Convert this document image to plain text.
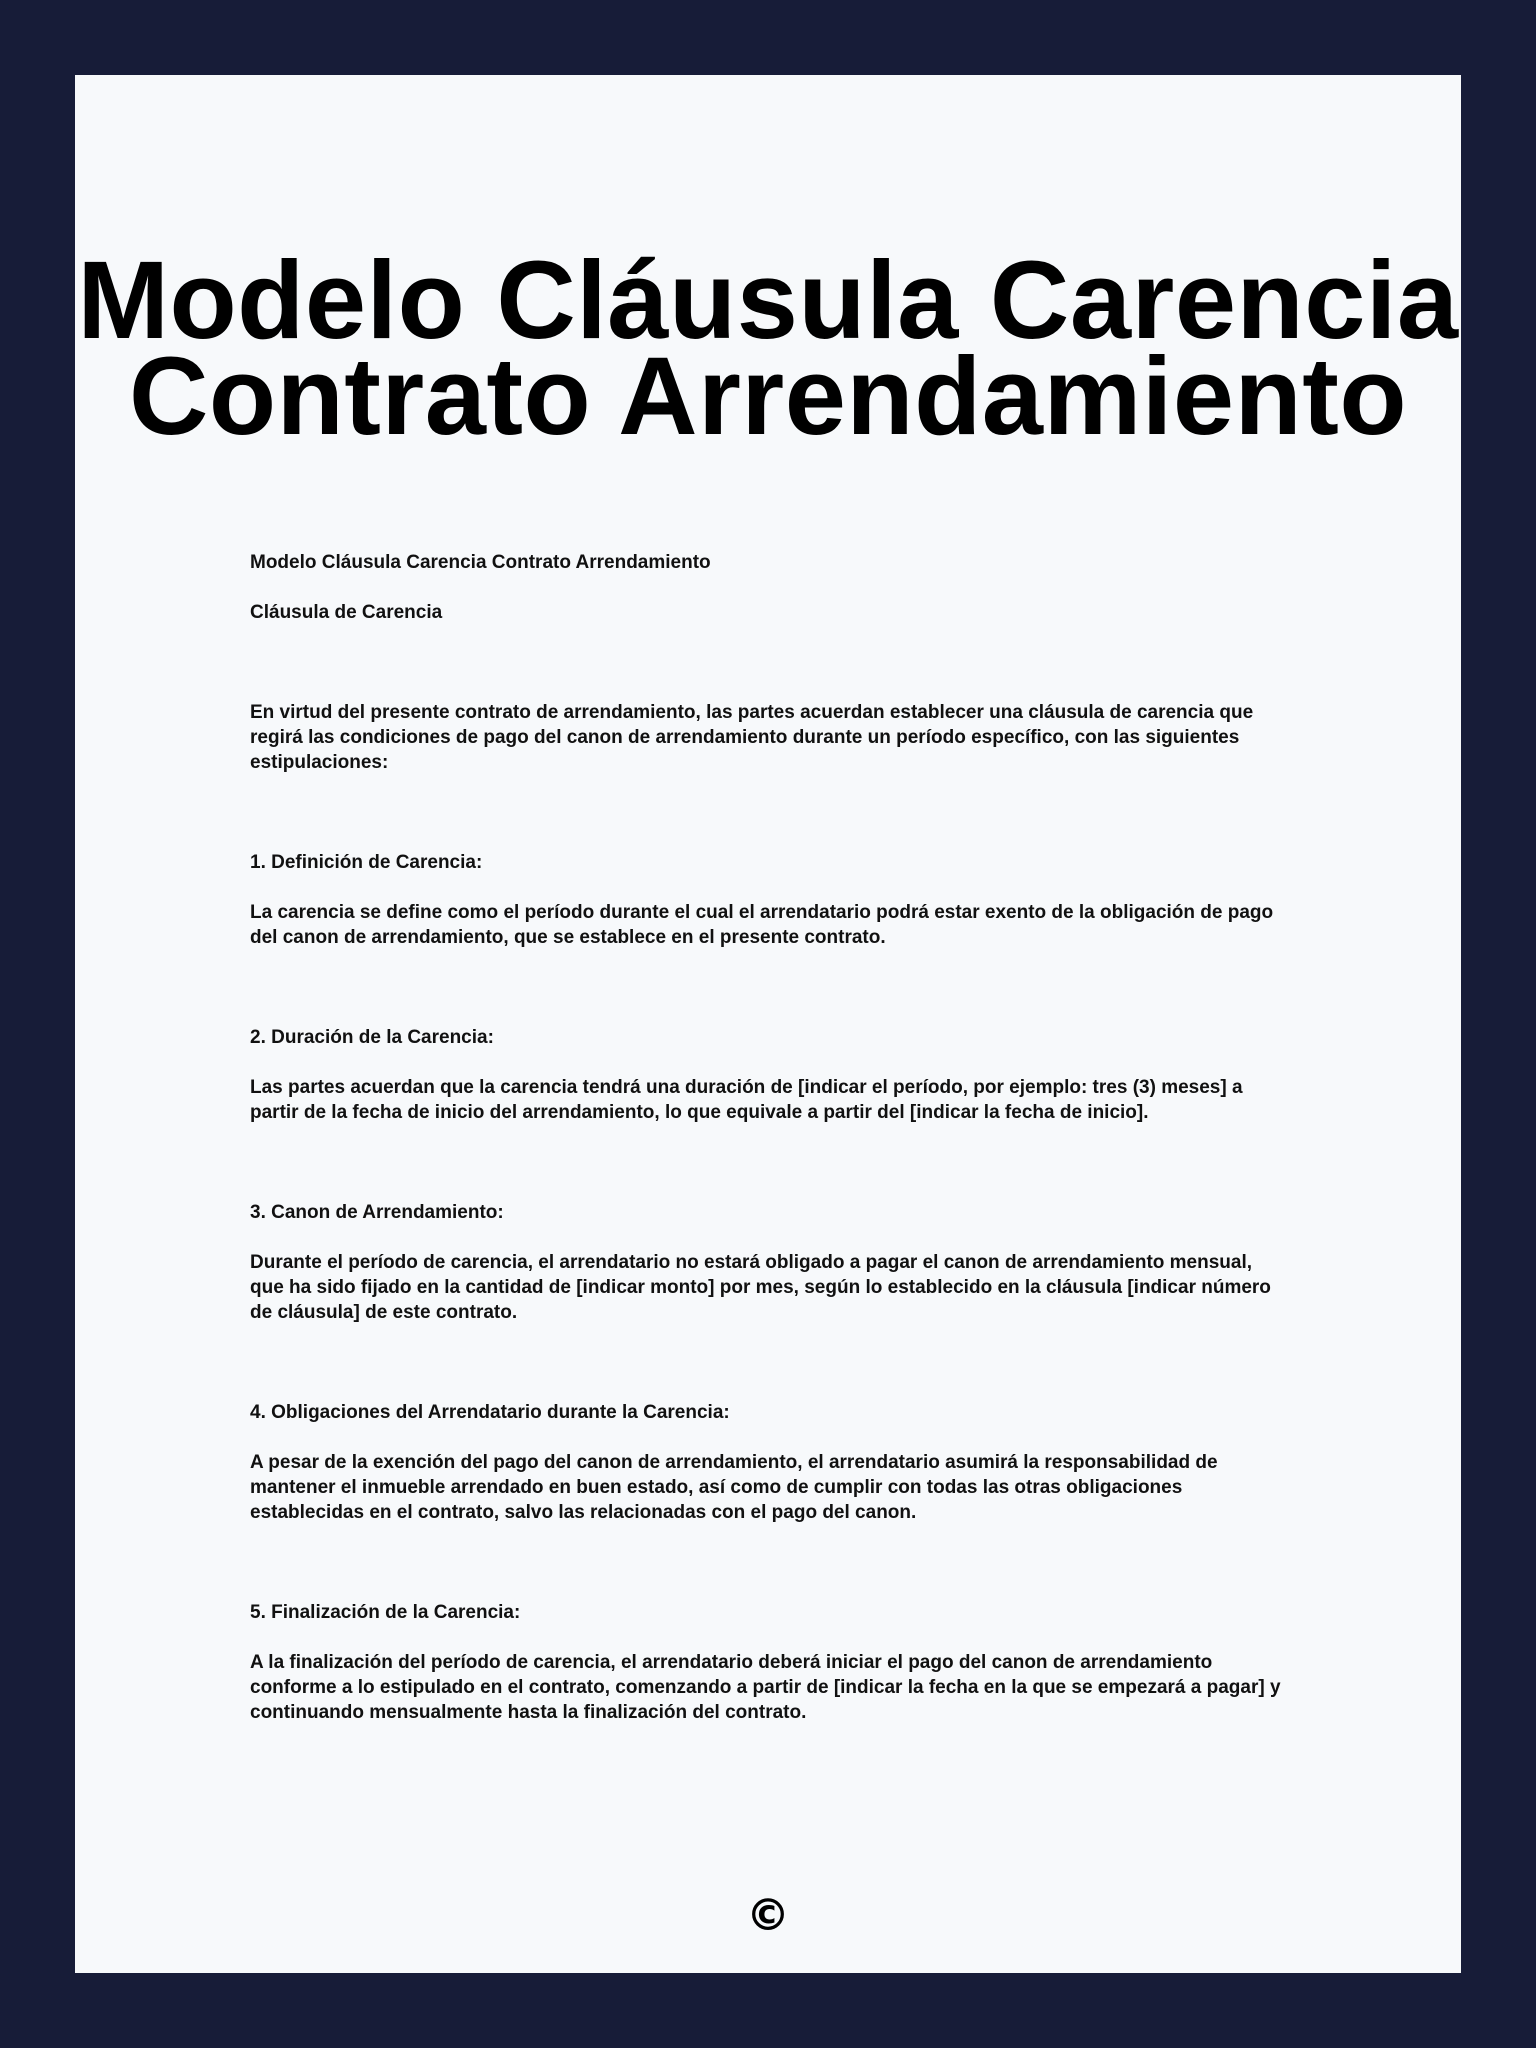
Modelo Cláusula Carencia
Contrato Arrendamiento

Modelo Cláusula Carencia Contrato Arrendamiento

Cláusula de Carencia

En virtud del presente contrato de arrendamiento, las partes acuerdan establecer una cláusula de carencia que regirá las condiciones de pago del canon de arrendamiento durante un período específico, con las siguientes estipulaciones:

1. Definición de Carencia:

La carencia se define como el período durante el cual el arrendatario podrá estar exento de la obligación de pago del canon de arrendamiento, que se establece en el presente contrato.

2. Duración de la Carencia:

Las partes acuerdan que la carencia tendrá una duración de [indicar el período, por ejemplo: tres (3) meses] a partir de la fecha de inicio del arrendamiento, lo que equivale a partir del [indicar la fecha de inicio].

3. Canon de Arrendamiento:

Durante el período de carencia, el arrendatario no estará obligado a pagar el canon de arrendamiento mensual, que ha sido fijado en la cantidad de [indicar monto] por mes, según lo establecido en la cláusula [indicar número de cláusula] de este contrato.

4. Obligaciones del Arrendatario durante la Carencia:

A pesar de la exención del pago del canon de arrendamiento, el arrendatario asumirá la responsabilidad de mantener el inmueble arrendado en buen estado, así como de cumplir con todas las otras obligaciones establecidas en el contrato, salvo las relacionadas con el pago del canon.

5. Finalización de la Carencia:

A la finalización del período de carencia, el arrendatario deberá iniciar el pago del canon de arrendamiento conforme a lo estipulado en el contrato, comenzando a partir de [indicar la fecha en la que se empezará a pagar] y continuando mensualmente hasta la finalización del contrato.

©
